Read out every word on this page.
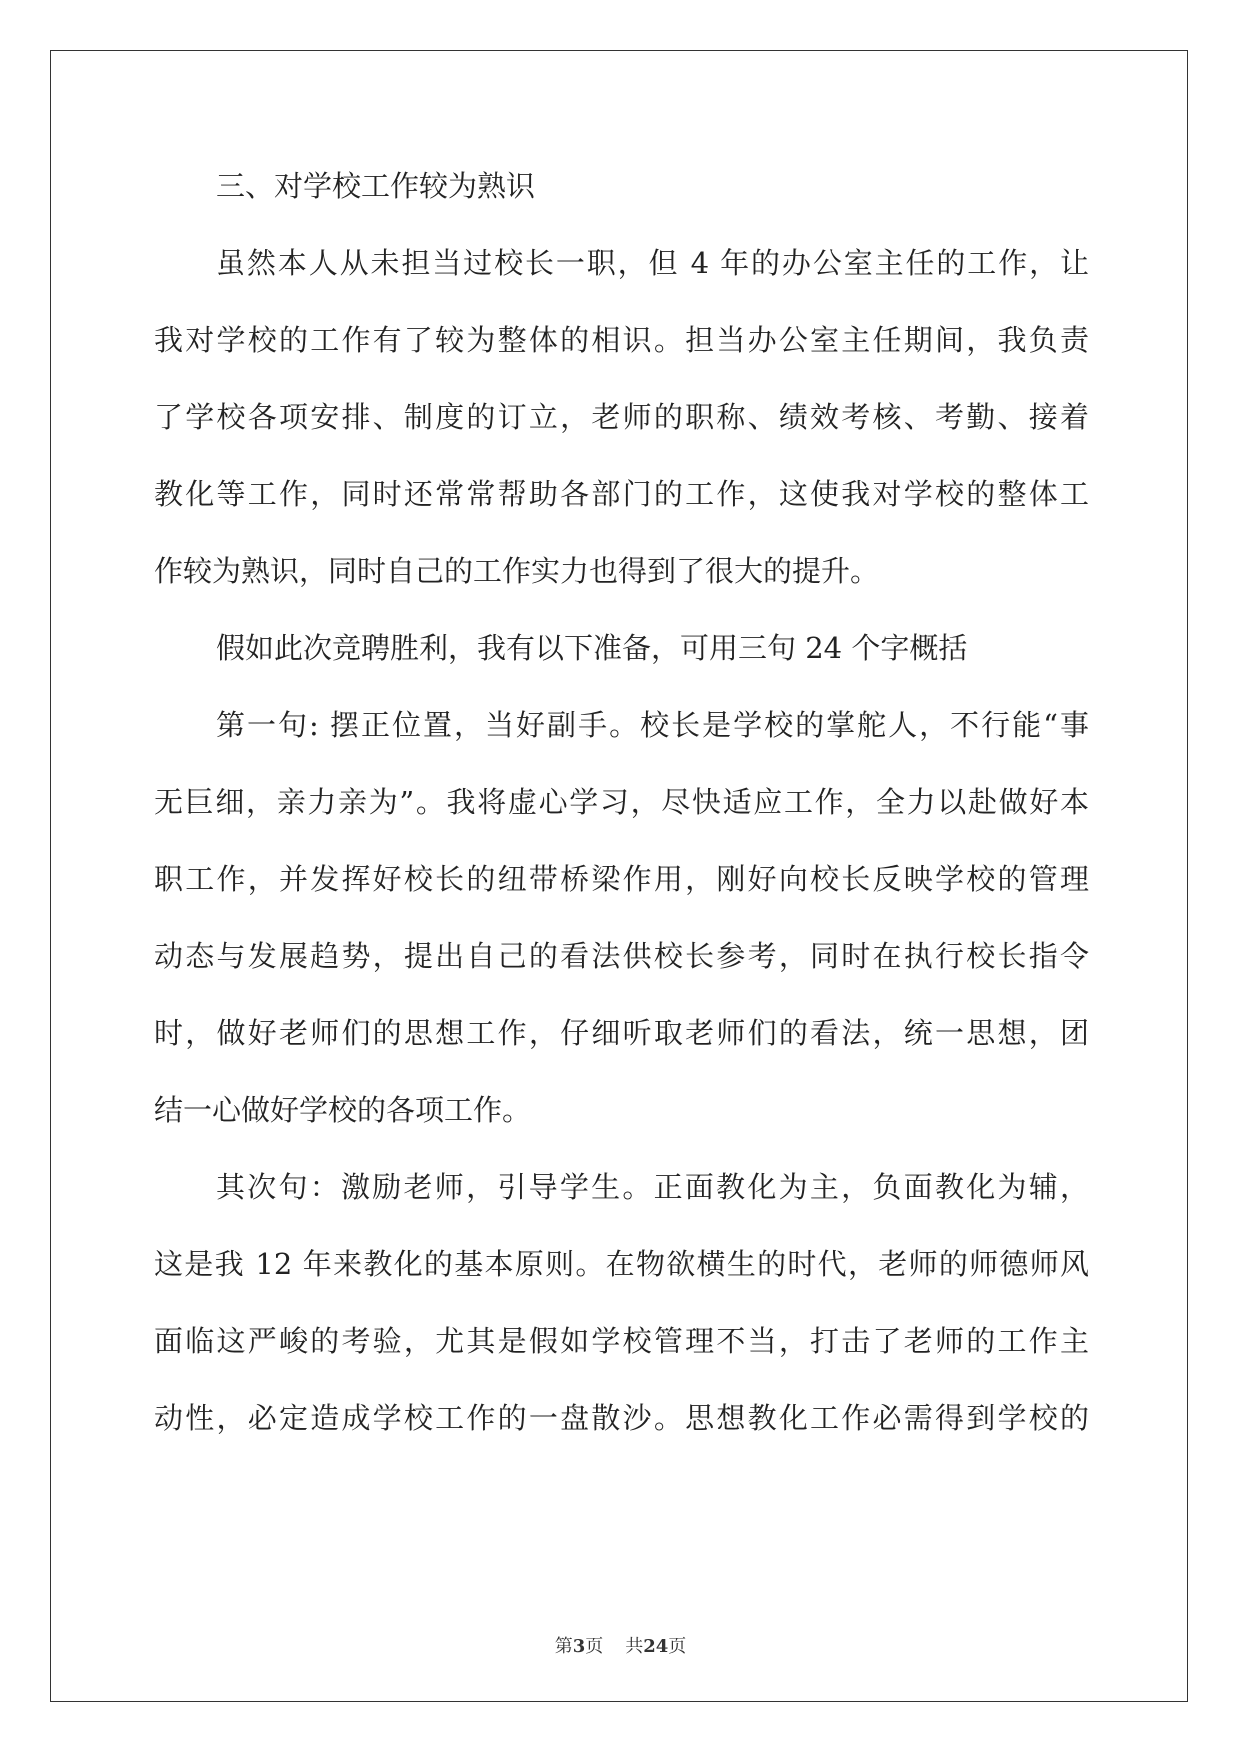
三、对学校工作较为熟识
虽然本人从未担当过校长一职，但 4 年的办公室主任的工作，让
我对学校的工作有了较为整体的相识。担当办公室主任期间，我负责
了学校各项安排、制度的订立，老师的职称、绩效考核、考勤、接着
教化等工作，同时还常常帮助各部门的工作，这使我对学校的整体工
作较为熟识，同时自己的工作实力也得到了很大的提升。
假如此次竞聘胜利，我有以下准备，可用三句 24 个字概括
第一句: 摆正位置，当好副手。校长是学校的掌舵人，不行能“事
无巨细，亲力亲为”。我将虚心学习，尽快适应工作，全力以赴做好本
职工作，并发挥好校长的纽带桥梁作用，刚好向校长反映学校的管理
动态与发展趋势，提出自己的看法供校长参考，同时在执行校长指令
时，做好老师们的思想工作，仔细听取老师们的看法，统一思想，团
结一心做好学校的各项工作。
其次句：激励老师，引导学生。正面教化为主，负面教化为辅，
这是我 12 年来教化的基本原则。在物欲横生的时代，老师的师德师风
面临这严峻的考验，尤其是假如学校管理不当，打击了老师的工作主
动性，必定造成学校工作的一盘散沙。思想教化工作必需得到学校的
第3页 共24页
